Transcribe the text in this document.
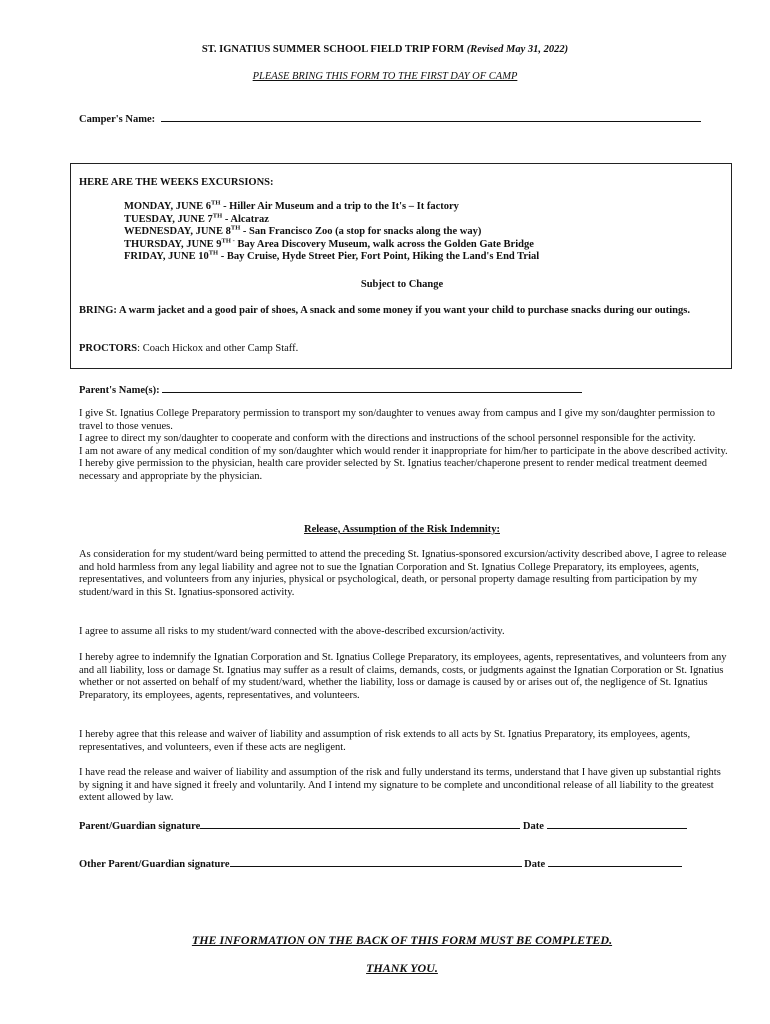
ST. IGNATIUS SUMMER SCHOOL FIELD TRIP FORM (Revised May 31, 2022)
PLEASE BRING THIS FORM TO THE FIRST DAY OF CAMP
Camper's Name:
HERE ARE THE WEEKS EXCURSIONS:
MONDAY, JUNE 6TH - Hiller Air Museum and a trip to the It's – It factory
TUESDAY, JUNE 7TH - Alcatraz
WEDNESDAY, JUNE 8TH - San Francisco Zoo (a stop for snacks along the way)
THURSDAY, JUNE $9^{TH -}$ Bay Area Discovery Museum, walk across the Golden Gate Bridge
FRIDAY, JUNE 10TH - Bay Cruise, Hyde Street Pier, Fort Point, Hiking the Land's End Trial
Subject to Change
BRING: A warm jacket and a good pair of shoes, A snack and some money if you want your child to purchase snacks during our outings.
PROCTORS: Coach Hickox and other Camp Staff.
Parent's Name(s):
I give St. Ignatius College Preparatory permission to transport my son/daughter to venues away from campus and I give my son/daughter permission to travel to those venues.
I agree to direct my son/daughter to cooperate and conform with the directions and instructions of the school personnel responsible for the activity.
I am not aware of any medical condition of my son/daughter which would render it inappropriate for him/her to participate in the above described activity.
I hereby give permission to the physician, health care provider selected by St. Ignatius teacher/chaperone present to render medical treatment deemed necessary and appropriate by the physician.
Release, Assumption of the Risk Indemnity:
As consideration for my student/ward being permitted to attend the preceding St. Ignatius-sponsored excursion/activity described above, I agree to release and hold harmless from any legal liability and agree not to sue the Ignatian Corporation and St. Ignatius College Preparatory, its employees, agents, representatives, and volunteers from any injuries, physical or psychological, death, or personal property damage resulting from participation by my student/ward in this St. Ignatius-sponsored activity.
I agree to assume all risks to my student/ward connected with the above-described excursion/activity.
I hereby agree to indemnify the Ignatian Corporation and St. Ignatius College Preparatory, its employees, agents, representatives, and volunteers from any and all liability, loss or damage St. Ignatius may suffer as a result of claims, demands, costs, or judgments against the Ignatian Corporation or St. Ignatius whether or not asserted on behalf of my student/ward, whether the liability, loss or damage is caused by or arises out of, the negligence of St. Ignatius Preparatory, its employees, agents, representatives, and volunteers.
I hereby agree that this release and waiver of liability and assumption of risk extends to all acts by St. Ignatius Preparatory, its employees, agents, representatives, and volunteers, even if these acts are negligent.
I have read the release and waiver of liability and assumption of the risk and fully understand its terms, understand that I have given up substantial rights by signing it and have signed it freely and voluntarily. And I intend my signature to be complete and unconditional release of all liability to the greatest extent allowed by law.
Parent/Guardian signature	Date
Other Parent/Guardian signature	Date
THE INFORMATION ON THE BACK OF THIS FORM MUST BE COMPLETED.
THANK YOU.
